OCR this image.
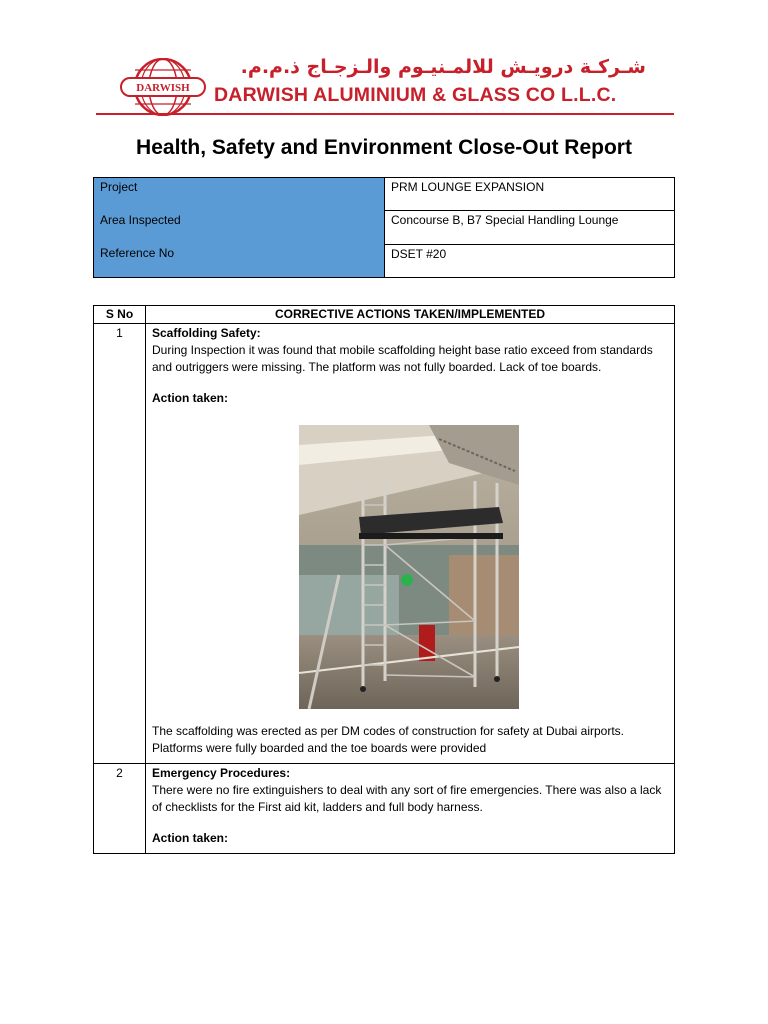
DARWISH
شـركـة درويـش للالمـنيـوم والـزجـاج ذ.م.م.
DARWISH ALUMINIUM & GLASS CO L.L.C.
Health, Safety and Environment Close-Out Report
Project	PRM LOUNGE EXPANSION
Area Inspected	Concourse B, B7 Special Handling Lounge
Reference No	DSET #20
S No	CORRECTIVE ACTIONS TAKEN/IMPLEMENTED
1	Scaffolding Safety:
During Inspection it was found that mobile scaffolding height base ratio exceed from standards and outriggers were missing. The platform was not fully boarded. Lack of toe boards.
Action taken:
The scaffolding was erected as per DM codes of construction for safety at Dubai airports. Platforms were fully boarded and the toe boards were provided

2	Emergency Procedures:
There were no fire extinguishers to deal with any sort of fire emergencies. There was also a lack of checklists for the First aid kit, ladders and full body harness.
Action taken:
